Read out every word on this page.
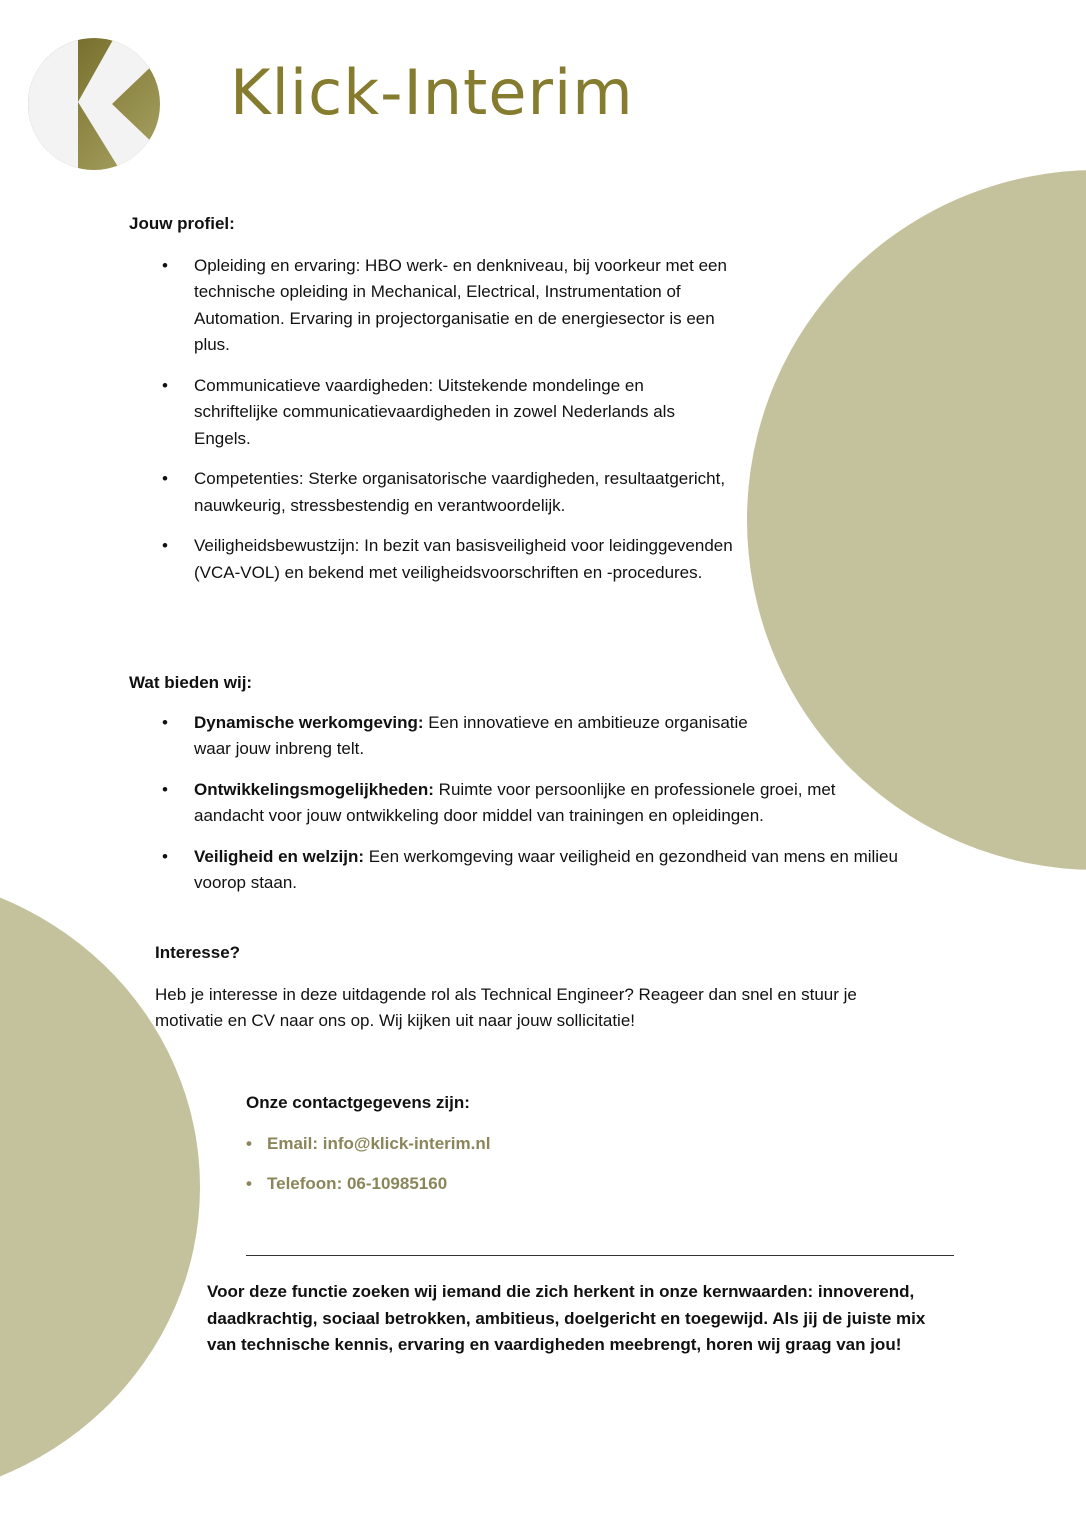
Klick-Interim
Jouw profiel:
• Opleiding en ervaring: HBO werk- en denkniveau, bij voorkeur met een technische opleiding in Mechanical, Electrical, Instrumentation of Automation. Ervaring in projectorganisatie en de energiesector is een plus.
• Communicatieve vaardigheden: Uitstekende mondelinge en schriftelijke communicatievaardigheden in zowel Nederlands als Engels.
• Competenties: Sterke organisatorische vaardigheden, resultaatgericht, nauwkeurig, stressbestendig en verantwoordelijk.
• Veiligheidsbewustzijn: In bezit van basisveiligheid voor leidinggevenden (VCA-VOL) en bekend met veiligheidsvoorschriften en -procedures.
Wat bieden wij:
• Dynamische werkomgeving: Een innovatieve en ambitieuze organisatie waar jouw inbreng telt.
• Ontwikkelingsmogelijkheden: Ruimte voor persoonlijke en professionele groei, met aandacht voor jouw ontwikkeling door middel van trainingen en opleidingen.
• Veiligheid en welzijn: Een werkomgeving waar veiligheid en gezondheid van mens en milieu voorop staan.
Interesse?

Heb je interesse in deze uitdagende rol als Technical Engineer? Reageer dan snel en stuur je motivatie en CV naar ons op. Wij kijken uit naar jouw sollicitatie!

Onze contactgegevens zijn:
• Email: info@klick-interim.nl
• Telefoon: 06-10985160

Voor deze functie zoeken wij iemand die zich herkent in onze kernwaarden: innoverend, daadkrachtig, sociaal betrokken, ambitieus, doelgericht en toegewijd. Als jij de juiste mix van technische kennis, ervaring en vaardigheden meebrengt, horen wij graag van jou!
